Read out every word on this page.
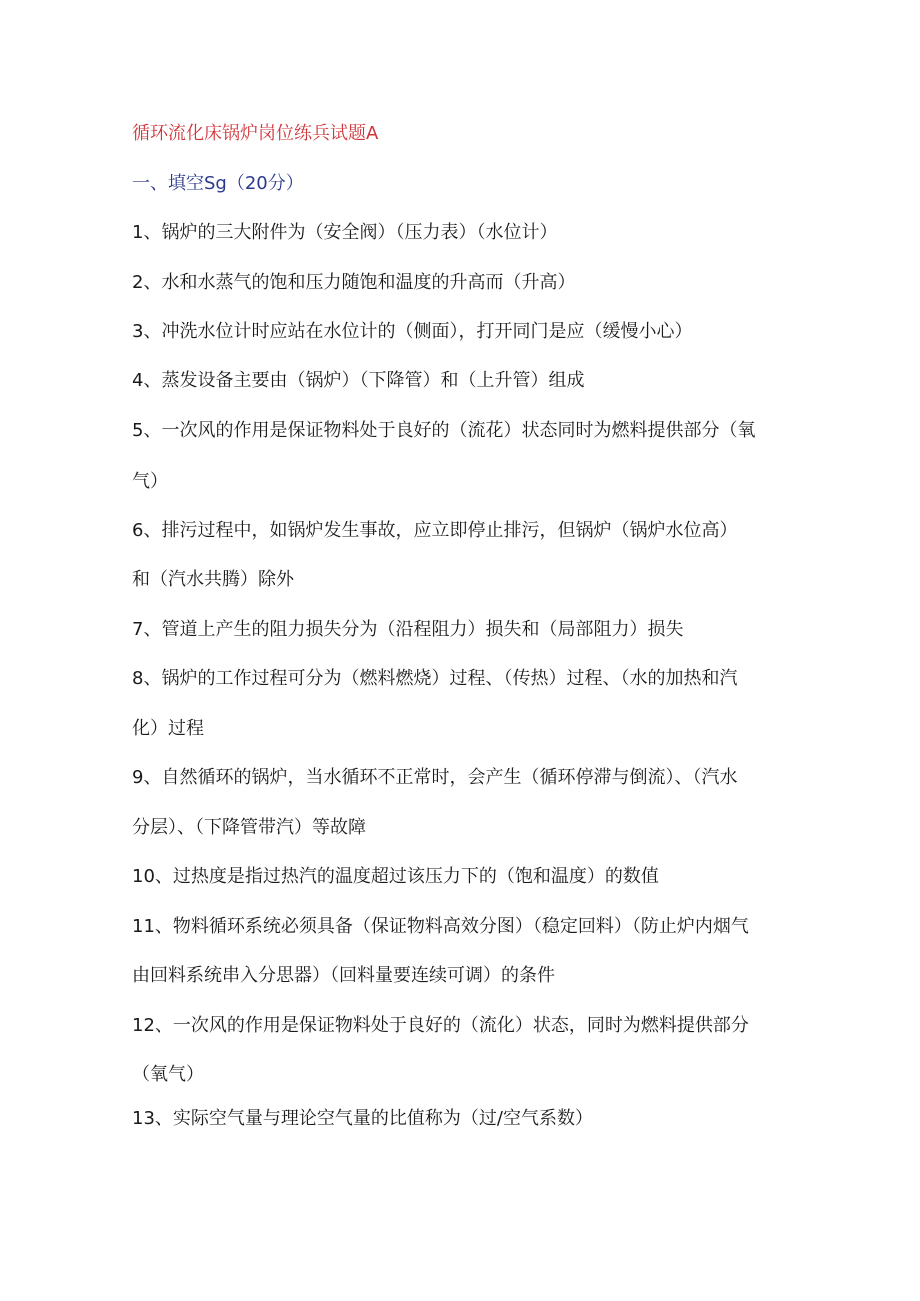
循环流化床锅炉岗位练兵试题A
一、填空Sg（20分）
1、锅炉的三大附件为（安全阀）（压力表）（水位计）
2、水和水蒸气的饱和压力随饱和温度的升高而（升高）
3、冲洗水位计时应站在水位计的（侧面），打开同门是应（缓慢小心）
4、蒸发设备主要由（锅炉）（下降管）和（上升管）组成
5、一次风的作用是保证物料处于良好的（流花）状态同时为燃料提供部分（氧
气）
6、排污过程中，如锅炉发生事故，应立即停止排污，但锅炉（锅炉水位高）
和（汽水共腾）除外
7、管道上产生的阻力损失分为（沿程阻力）损失和（局部阻力）损失
8、锅炉的工作过程可分为（燃料燃烧）过程、（传热）过程、（水的加热和汽
化）过程
9、自然循环的锅炉，当水循环不正常时，会产生（循环停滞与倒流）、（汽水
分层）、（下降管带汽）等故障
10、过热度是指过热汽的温度超过该压力下的（饱和温度）的数值
11、物料循环系统必须具备（保证物料高效分图）（稳定回料）（防止炉内烟气
由回料系统串入分思器）（回料量要连续可调）的条件
12、一次风的作用是保证物料处于良好的（流化）状态，同时为燃料提供部分
（氧气）
13、实际空气量与理论空气量的比值称为（过/空气系数）
